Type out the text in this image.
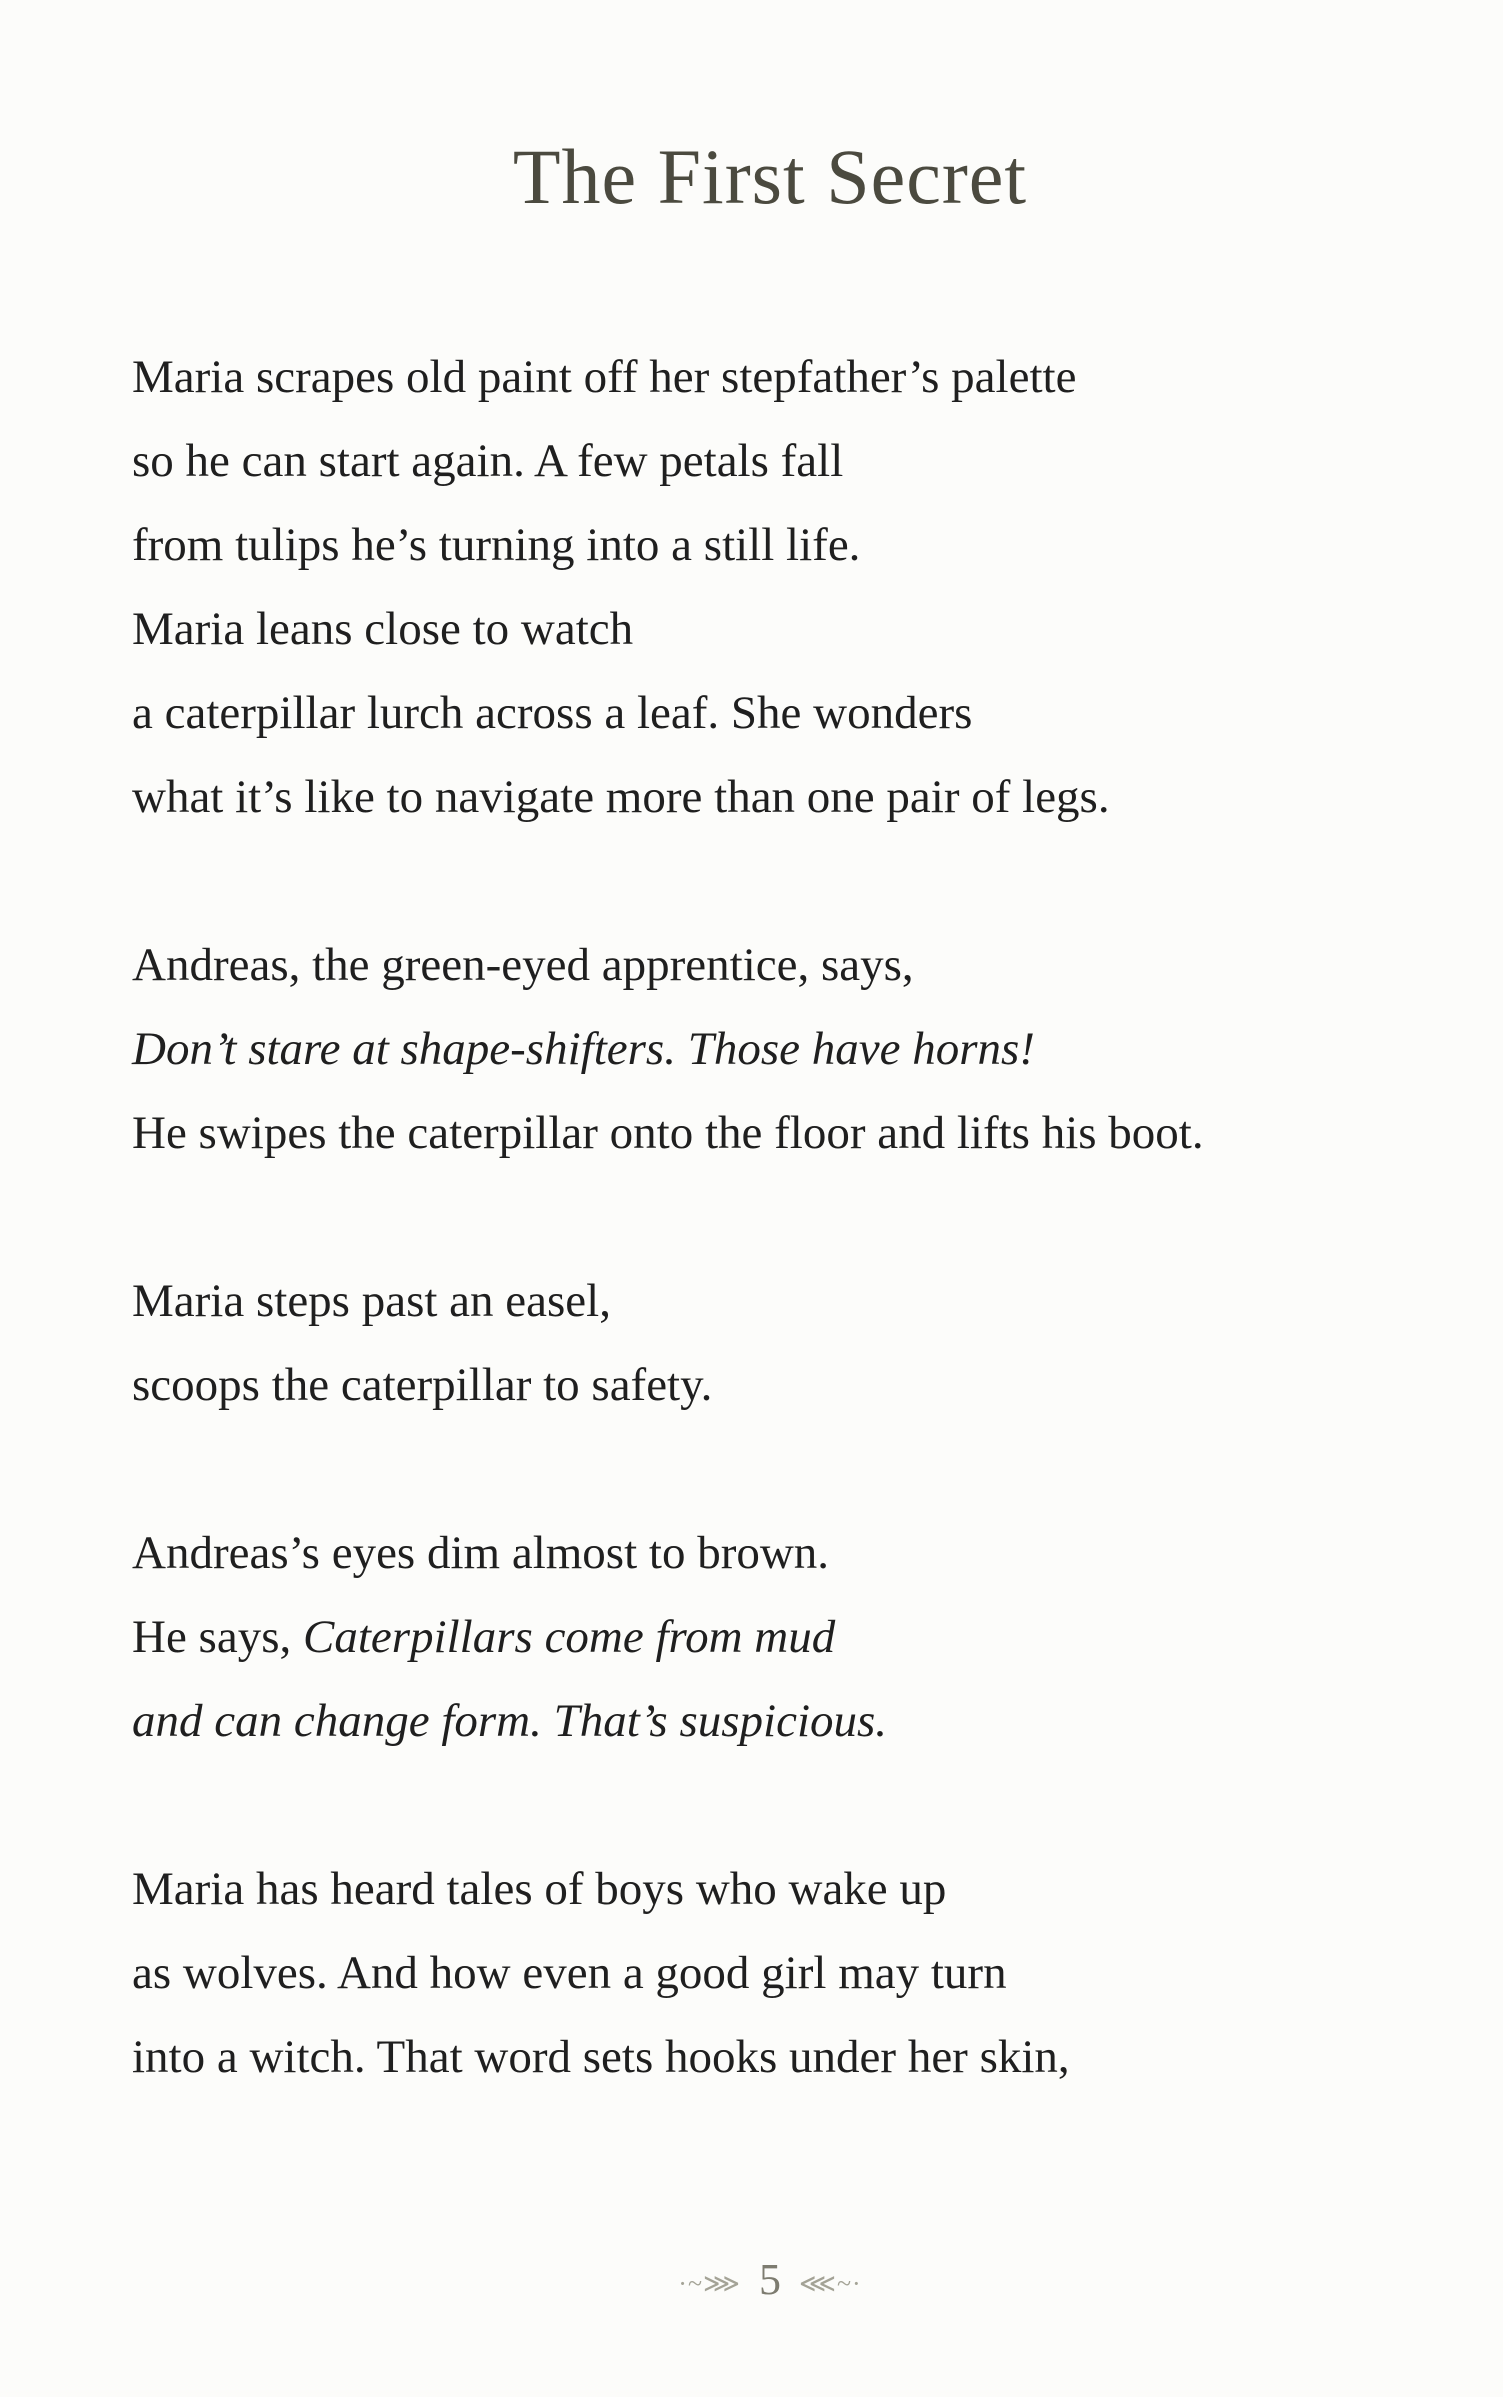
The First Secret
Maria scrapes old paint off her stepfather’s palette
so he can start again. A few petals fall
from tulips he’s turning into a still life.
Maria leans close to watch
a caterpillar lurch across a leaf. She wonders
what it’s like to navigate more than one pair of legs.
Andreas, the green-eyed apprentice, says,
Don’t stare at shape-shifters. Those have horns!
He swipes the caterpillar onto the floor and lifts his boot.
Maria steps past an easel,
scoops the caterpillar to safety.
Andreas’s eyes dim almost to brown.
He says, Caterpillars come from mud
and can change form. That’s suspicious.
Maria has heard tales of boys who wake up
as wolves. And how even a good girl may turn
into a witch. That word sets hooks under her skin,
·~⋙ 5 ⋘~·
